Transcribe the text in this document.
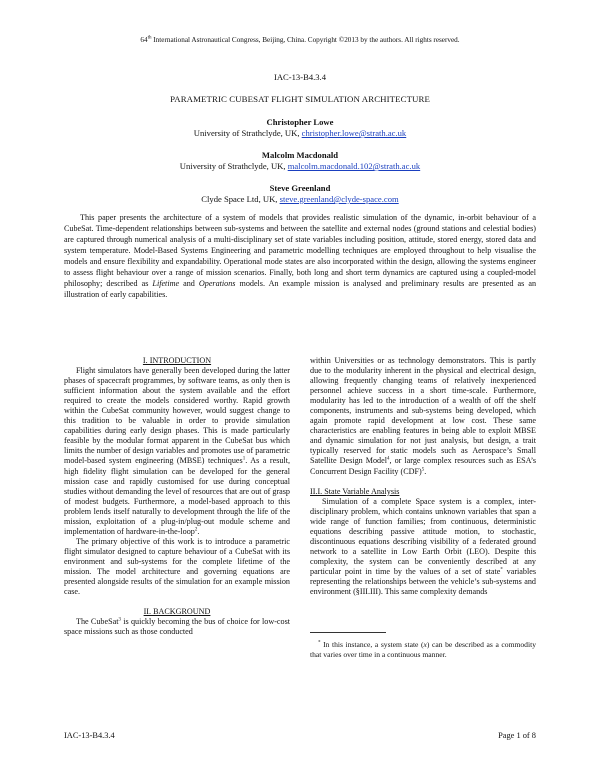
64th International Astronautical Congress, Beijing, China. Copyright ©2013 by the authors. All rights reserved.
IAC-13-B4.3.4
PARAMETRIC CUBESAT FLIGHT SIMULATION ARCHITECTURE
Christopher Lowe
University of Strathclyde, UK, christopher.lowe@strath.ac.uk
Malcolm Macdonald
University of Strathclyde, UK, malcolm.macdonald.102@strath.ac.uk
Steve Greenland
Clyde Space Ltd, UK, steve.greenland@clyde-space.com
This paper presents the architecture of a system of models that provides realistic simulation of the dynamic, in-orbit behaviour of a CubeSat. Time-dependent relationships between sub-systems and between the satellite and external nodes (ground stations and celestial bodies) are captured through numerical analysis of a multi-disciplinary set of state variables including position, attitude, stored energy, stored data and system temperature. Model-Based Systems Engineering and parametric modelling techniques are employed throughout to help visualise the models and ensure flexibility and expandability. Operational mode states are also incorporated within the design, allowing the systems engineer to assess flight behaviour over a range of mission scenarios. Finally, both long and short term dynamics are captured using a coupled-model philosophy; described as Lifetime and Operations models. An example mission is analysed and preliminary results are presented as an illustration of early capabilities.
I. INTRODUCTION

Flight simulators have generally been developed during the latter phases of spacecraft programmes, by software teams, as only then is sufficient information about the system available and the effort required to create the models considered worthy. Rapid growth within the CubeSat community however, would suggest change to this tradition to be valuable in order to provide simulation capabilities during early design phases. This is made particularly feasible by the modular format apparent in the CubeSat bus which limits the number of design variables and promotes use of parametric model-based system engineering (MBSE) techniques$^1$. As a result, high fidelity flight simulation can be developed for the general mission case and rapidly customised for use during conceptual studies without demanding the level of resources that are out of grasp of modest budgets. Furthermore, a model-based approach to this problem lends itself naturally to development through the life of the mission, exploitation of a plug-in/plug-out module scheme and implementation of hardware-in-the-loop$^2$.

The primary objective of this work is to introduce a parametric flight simulator designed to capture behaviour of a CubeSat with its environment and sub-systems for the complete lifetime of the mission. The model architecture and governing equations are presented alongside results of the simulation for an example mission case.

II. BACKGROUND

The CubeSat$^3$ is quickly becoming the bus of choice for low-cost space missions such as those conducted

within Universities or as technology demonstrators. This is partly due to the modularity inherent in the physical and electrical design, allowing frequently changing teams of relatively inexperienced personnel achieve success in a short time-scale. Furthermore, modularity has led to the introduction of a wealth of off the shelf components, instruments and sub-systems being developed, which again promote rapid development at low cost. These same characteristics are enabling features in being able to exploit MBSE and dynamic simulation for not just analysis, but design, a trait typically reserved for static models such as Aerospace’s Small Satellite Design Model$^4$, or large complex resources such as ESA’s Concurrent Design Facility (CDF)$^5$.

II.I. State Variable Analysis

Simulation of a complete Space system is a complex, inter-disciplinary problem, which contains unknown variables that span a wide range of function families; from continuous, deterministic equations describing passive attitude motion, to stochastic, discontinuous equations describing visibility of a federated ground network to a satellite in Low Earth Orbit (LEO). Despite this complexity, the system can be conveniently described at any particular point in time by the values of a set of state* variables representing the relationships between the vehicle’s sub-systems and environment (§III.III). This same complexity demands

* In this instance, a system state (x) can be described as a commodity that varies over time in a continuous manner.
IAC-13-B4.3.4	Page 1 of 8
